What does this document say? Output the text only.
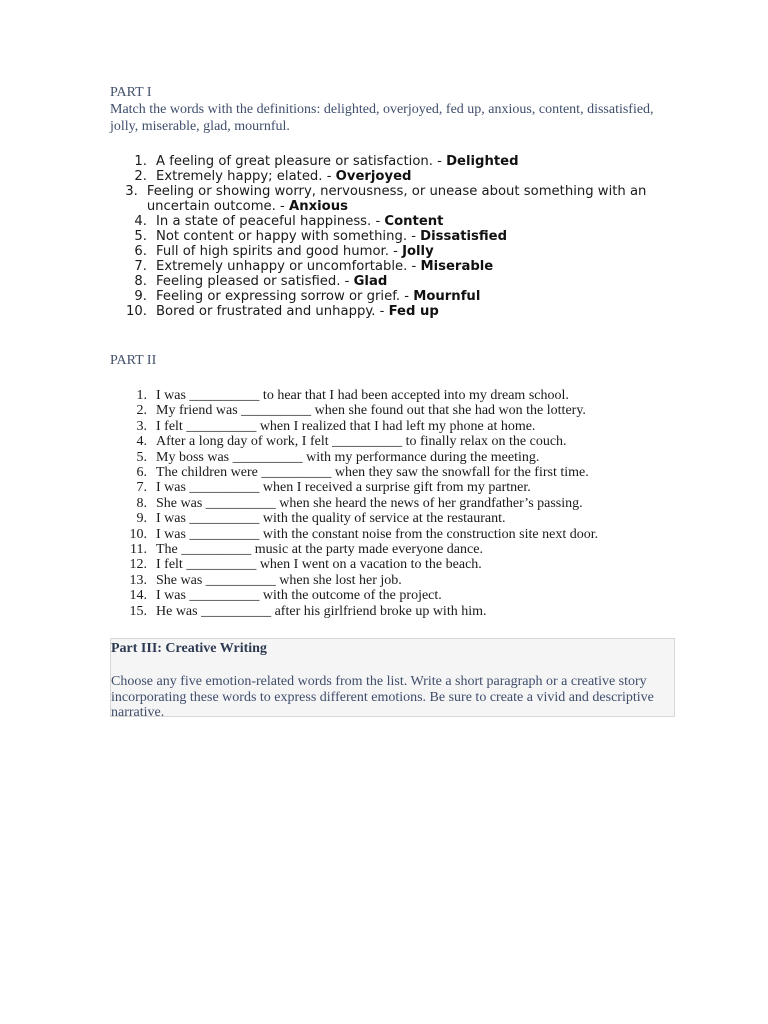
PART I

Match the words with the definitions: delighted, overjoyed, fed up, anxious, content, dissatisfied, jolly, miserable, glad, mournful.

1. A feeling of great pleasure or satisfaction. - Delighted
2. Extremely happy; elated. - Overjoyed
3. Feeling or showing worry, nervousness, or unease about something with an uncertain outcome. - Anxious
4. In a state of peaceful happiness. - Content
5. Not content or happy with something. - Dissatisfied
6. Full of high spirits and good humor. - Jolly
7. Extremely unhappy or uncomfortable. - Miserable
8. Feeling pleased or satisfied. - Glad
9. Feeling or expressing sorrow or grief. - Mournful
10. Bored or frustrated and unhappy. - Fed up

PART II

1. I was __________ to hear that I had been accepted into my dream school.
2. My friend was __________ when she found out that she had won the lottery.
3. I felt __________ when I realized that I had left my phone at home.
4. After a long day of work, I felt __________ to finally relax on the couch.
5. My boss was __________ with my performance during the meeting.
6. The children were __________ when they saw the snowfall for the first time.
7. I was __________ when I received a surprise gift from my partner.
8. She was __________ when she heard the news of her grandfather’s passing.
9. I was __________ with the quality of service at the restaurant.
10. I was __________ with the constant noise from the construction site next door.
11. The __________ music at the party made everyone dance.
12. I felt __________ when I went on a vacation to the beach.
13. She was __________ when she lost her job.
14. I was __________ with the outcome of the project.
15. He was __________ after his girlfriend broke up with him.

Part III: Creative Writing

Choose any five emotion-related words from the list. Write a short paragraph or a creative story incorporating these words to express different emotions. Be sure to create a vivid and descriptive narrative.
